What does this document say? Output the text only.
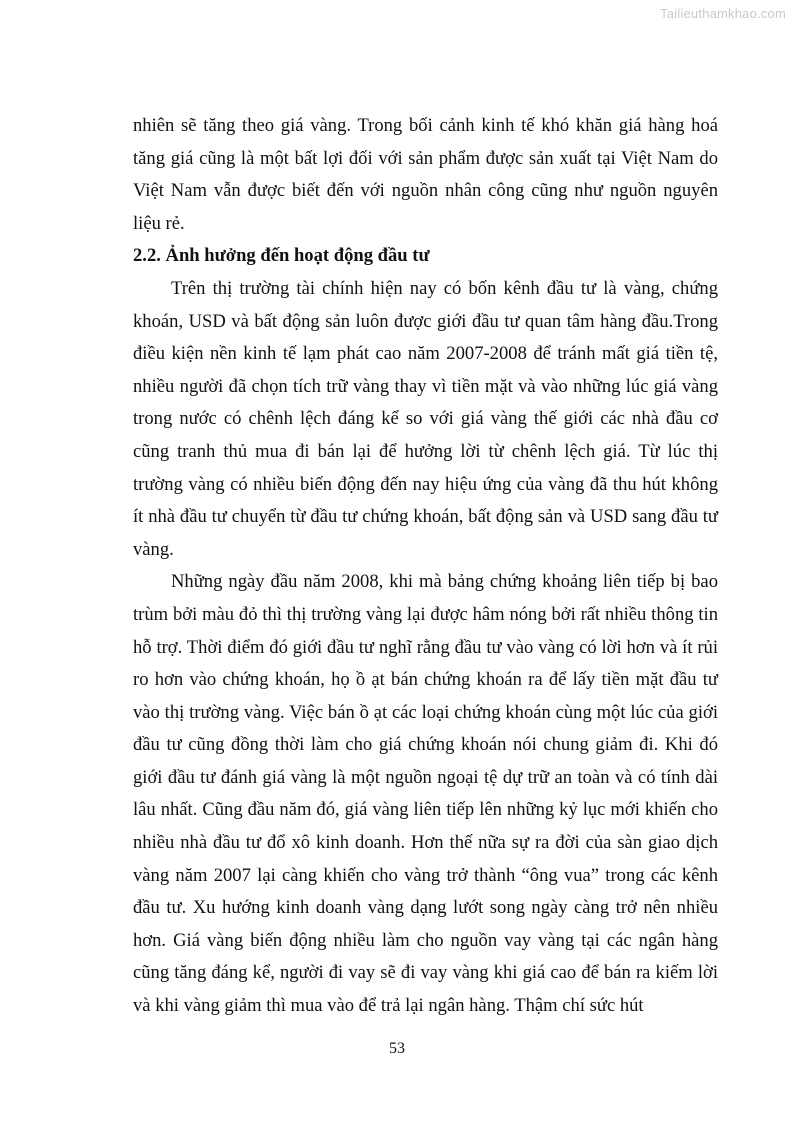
Tailieuthamkhao.com

nhiên sẽ tăng theo giá vàng. Trong bối cảnh kinh tế khó khăn giá hàng hoá tăng giá cũng là một bất lợi đối với sản phẩm được sản xuất tại Việt Nam do Việt Nam vẫn được biết đến với nguồn nhân công cũng như nguồn nguyên liệu rẻ.

2.2. Ảnh hưởng đến hoạt động đầu tư

Trên thị trường tài chính hiện nay có bốn kênh đầu tư là vàng, chứng khoán, USD và bất động sản luôn được giới đầu tư quan tâm hàng đầu.Trong điều kiện nền kinh tế lạm phát cao năm 2007-2008 để tránh mất giá tiền tệ, nhiều người đã chọn tích trữ vàng thay vì tiền mặt và vào những lúc giá vàng trong nước có chênh lệch đáng kể so với giá vàng thế giới các nhà đầu cơ cũng tranh thủ mua đi bán lại để hưởng lời từ chênh lệch giá. Từ lúc thị trường vàng có nhiều biến động đến nay hiệu ứng của vàng đã thu hút không ít nhà đầu tư chuyển từ đầu tư chứng khoán, bất động sản và USD sang đầu tư vàng.

Những ngày đầu năm 2008, khi mà bảng chứng khoảng liên tiếp bị bao trùm bởi màu đỏ thì thị trường vàng lại được hâm nóng bởi rất nhiều thông tin hỗ trợ. Thời điểm đó giới đầu tư nghĩ rằng đầu tư vào vàng có lời hơn và ít rủi ro hơn vào chứng khoán, họ ồ ạt bán chứng khoán ra để lấy tiền mặt đầu tư vào thị trường vàng. Việc bán ồ ạt các loại chứng khoán cùng một lúc của giới đầu tư cũng đồng thời làm cho giá chứng khoán nói chung giảm đi. Khi đó giới đầu tư đánh giá vàng là một nguồn ngoại tệ dự trữ an toàn và có tính dài lâu nhất. Cũng đầu năm đó, giá vàng liên tiếp lên những kỷ lục mới khiến cho nhiều nhà đầu tư đổ xô kinh doanh. Hơn thế nữa sự ra đời của sàn giao dịch vàng năm 2007 lại càng khiến cho vàng trở thành “ông vua” trong các kênh đầu tư. Xu hướng kinh doanh vàng dạng lướt song ngày càng trở nên nhiều hơn. Giá vàng biến động nhiều làm cho nguồn vay vàng tại các ngân hàng cũng tăng đáng kể, người đi vay sẽ đi vay vàng khi giá cao để bán ra kiếm lời và khi vàng giảm thì mua vào để trả lại ngân hàng. Thậm chí sức hút

53
